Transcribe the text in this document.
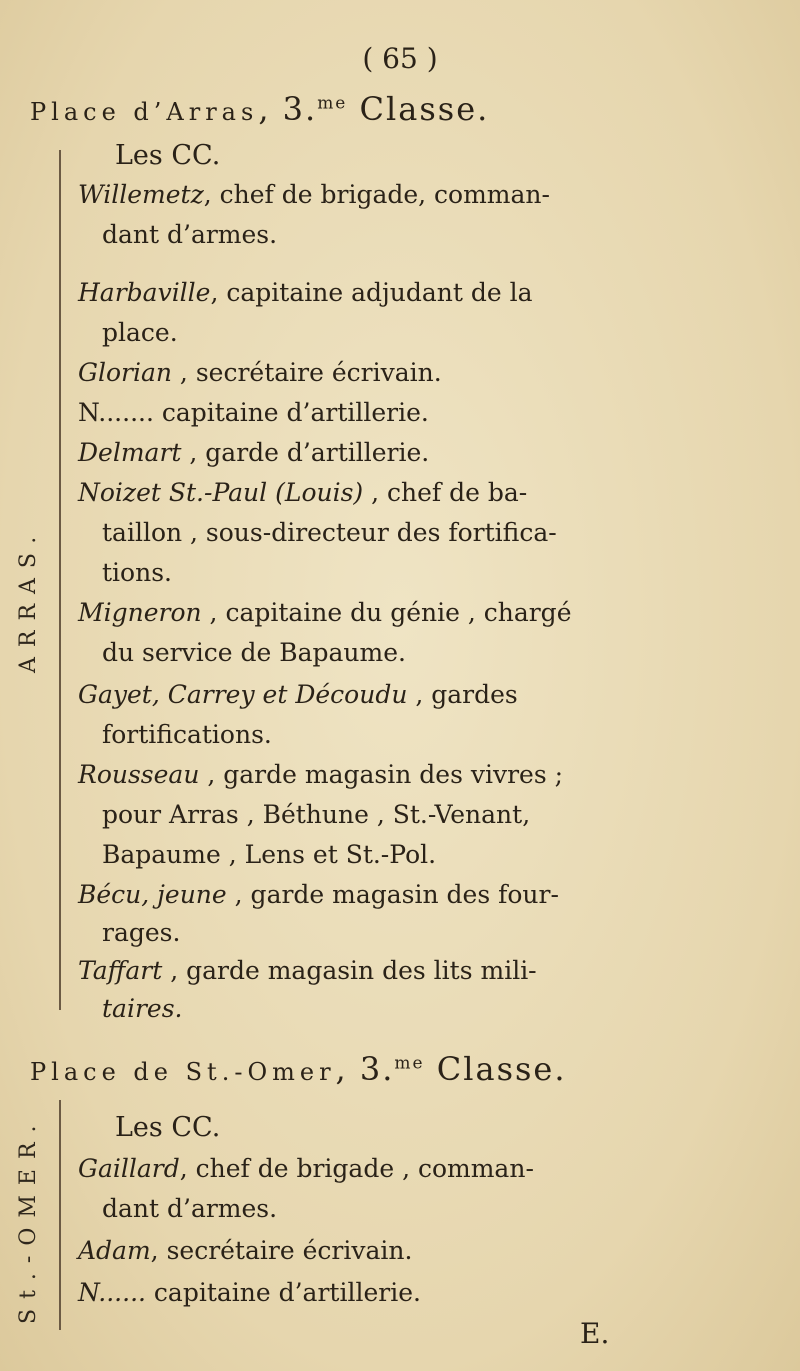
( 65 )
ARRAS.
Place d’Arras, 3.$^{me}$ Classe.
Les CC.
Willemetz, chef de brigade, comman-
dant d’armes.
Harbaville, capitaine adjudant de la
place.
Glorian , secrétaire écrivain.
N....... capitaine d’artillerie.
Delmart , garde d’artillerie.
Noizet St.-Paul (Louis) , chef de ba-
taillon , sous-directeur des fortifica-
tions.
Migneron , capitaine du génie , chargé
du service de Bapaume.
Gayet, Carrey et Découdu , gardes
fortifications.
Rousseau , garde magasin des vivres ;
pour Arras , Béthune , St.-Venant,
Bapaume , Lens et St.-Pol.
Bécu, jeune , garde magasin des four-
rages.
Taffart , garde magasin des lits mili-
taires.
St.-OMER.
Place de St.-Omer, 3.$^{me}$ Classe.
Les CC.
Gaillard, chef de brigade , comman-
dant d’armes.
Adam, secrétaire écrivain.
N...... capitaine d’artillerie.
E.
